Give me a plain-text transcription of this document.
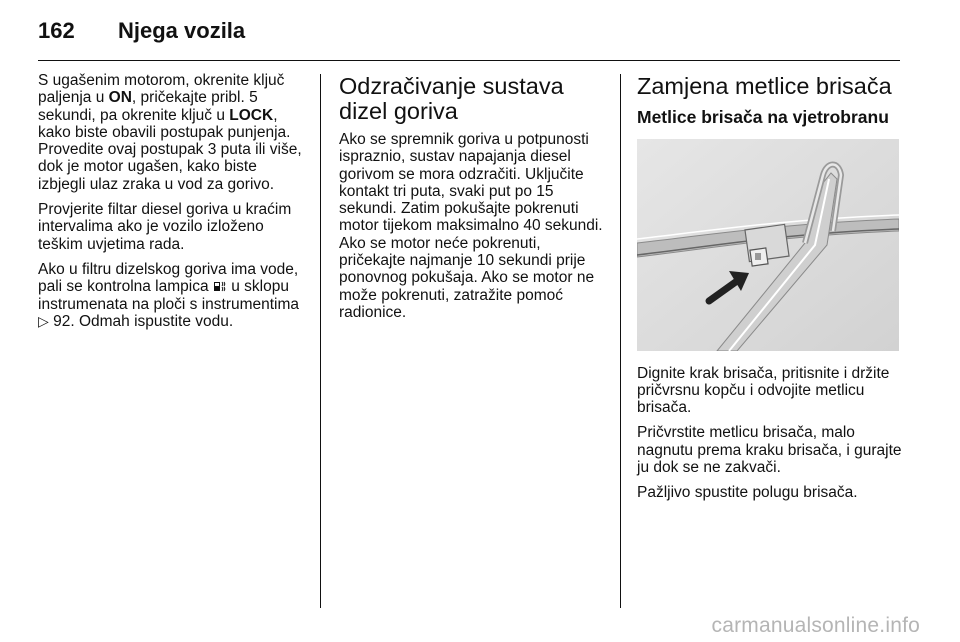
162 Njega vozila

S ugašenim motorom, okrenite ključ paljenja u ON, pričekajte pribl. 5 sekundi, pa okrenite ključ u LOCK, kako biste obavili postupak punjenja. Provedite ovaj postupak 3 puta ili više, dok je motor ugašen, kako biste izbjegli ulaz zraka u vod za gorivo.

Provjerite filtar diesel goriva u kraćim intervalima ako je vozilo izloženo teškim uvjetima rada.

Ako u filtru dizelskog goriva ima vode, pali se kontrolna lampica  u sklopu instrumenata na ploči s instrumentima ▷ 92. Odmah ispustite vodu.

Odzračivanje sustava dizel goriva

Ako se spremnik goriva u potpunosti ispraznio, sustav napajanja diesel gorivom se mora odzračiti. Uključite kontakt tri puta, svaki put po 15 sekundi. Zatim pokušajte pokrenuti motor tijekom maksimalno 40 sekundi. Ako se motor neće pokrenuti, pričekajte najmanje 10 sekundi prije ponovnog pokušaja. Ako se motor ne može pokrenuti, zatražite pomoć radionice.

Zamjena metlice brisača
Metlice brisača na vjetrobranu

Dignite krak brisača, pritisnite i držite pričvrsnu kopču i odvojite metlicu brisača.

Pričvrstite metlicu brisača, malo nagnutu prema kraku brisača, i gurajte ju dok se ne zakvači.

Pažljivo spustite polugu brisača.

carmanualsonline.info
